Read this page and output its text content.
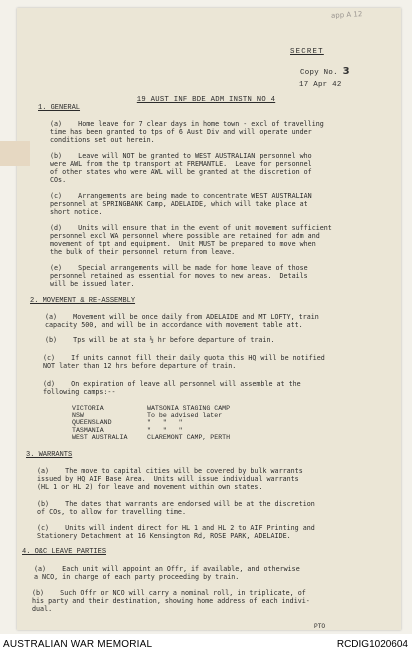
app A 12
SECRET
Copy No. 3
17 Apr 42
19 AUST INF BDE ADM INSTN NO 4
1. GENERAL
(a)    Home leave for 7 clear days in home town - excl of travelling
time has been granted to tps of 6 Aust Div and will operate under
conditions set out herein.
(b)    Leave will NOT be granted to WEST AUSTRALIAN personnel who
were AWL from the tp transport at FREMANTLE.  Leave for personnel
of other states who were AWL will be granted at the discretion of
COs.
(c)    Arrangements are being made to concentrate WEST AUSTRALIAN
personnel at SPRINGBANK Camp, ADELAIDE, which will take place at
short notice.
(d)    Units will ensure that in the event of unit movement sufficient
personnel excl WA personnel where possible are retained for adm and
movement of tpt and equipment.  Unit MUST be prepared to move when
the bulk of their personnel return from leave.
(e)    Special arrangements will be made for home leave of those
personnel retained as essential for moves to new areas.  Details
will be issued later.
2. MOVEMENT & RE-ASSEMBLY
(a)    Movement will be once daily from ADELAIDE and MT LOFTY, train
capacity 500, and will be in accordance with movement table att.
(b)    Tps will be at sta ½ hr before departure of train.
(c)    If units cannot fill their daily quota this HQ will be notified
NOT later than 12 hrs before departure of train.
(d)    On expiration of leave all personnel will assemble at the
following camps:--
VICTORIA	WATSONIA STAGING CAMP
NSW	To be advised later
QUEENSLAND	"   "   "
TASMANIA	"   "   "
WEST AUSTRALIA	CLAREMONT CAMP, PERTH
3. WARRANTS
(a)    The move to capital cities will be covered by bulk warrants
issued by HQ AIF Base Area.  Units will issue individual warrants
(HL 1 or HL 2) for leave and movement within own states.
(b)    The dates that warrants are endorsed will be at the discretion
of COs, to allow for travelling time.
(c)    Units will indent direct for HL 1 and HL 2 to AIF Printing and
Stationery Detachment at 16 Kensington Rd, ROSE PARK, ADELAIDE.
4. O&C LEAVE PARTIES
(a)    Each unit will appoint an Offr, if available, and otherwise
a NCO, in charge of each party proceeding by train.
(b)    Such Offr or NCO will carry a nominal roll, in triplicate, of
his party and their destination, showing home address of each indivi-
dual.
PTO
AUSTRALIAN WAR MEMORIAL	RCDIG1020604
